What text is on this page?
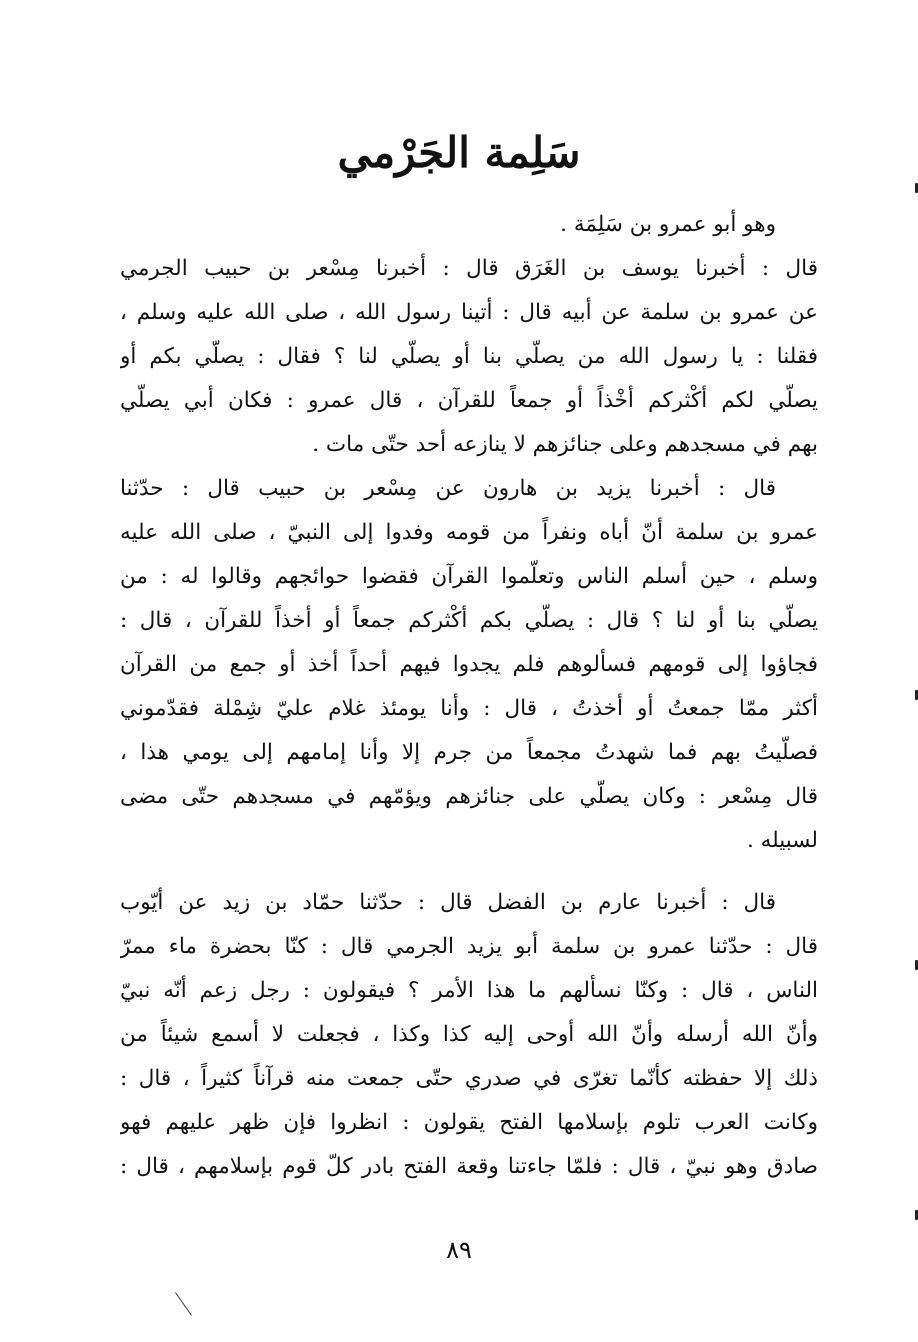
سَلِمة الجَرْمي
وهو أبو عمرو بن سَلِمَة .
قال : أخبرنا يوسف بن الغَرَق قال : أخبرنا مِسْعر بن حبيب الجرمي
عن عمرو بن سلمة عن أبيه قال : أتينا رسول الله ، صلى الله عليه وسلم ،
فقلنا : يا رسول الله من يصلّي بنا أو يصلّي لنا ؟ فقال : يصلّي بكم أو
يصلّي لكم أكْثركم أخْذاً أو جمعاً للقرآن ، قال عمرو : فكان أبي يصلّي
بهم في مسجدهم وعلى جنائزهم لا ينازعه أحد حتّى مات .
قال : أخبرنا يزيد بن هارون عن مِسْعر بن حبيب قال : حدّثنا
عمرو بن سلمة أنّ أباه ونفراً من قومه وفدوا إلى النبيّ ، صلى الله عليه
وسلم ، حين أسلم الناس وتعلّموا القرآن فقضوا حوائجهم وقالوا له : من
يصلّي بنا أو لنا ؟ قال : يصلّي بكم أكْثركم جمعاً أو أخذاً للقرآن ، قال :
فجاؤوا إلى قومهم فسألوهم فلم يجدوا فيهم أحداً أخذ أو جمع من القرآن
أكثر ممّا جمعتُ أو أخذتُ ، قال : وأنا يومئذ غلام عليّ شِمْلة فقدّموني
فصلّيتُ بهم فما شهدتُ مجمعاً من جرم إلا وأنا إمامهم إلى يومي هذا ،
قال مِسْعر : وكان يصلّي على جنائزهم ويؤمّهم في مسجدهم حتّى مضى
لسبيله .
قال : أخبرنا عارم بن الفضل قال : حدّثنا حمّاد بن زيد عن أيّوب
قال : حدّثنا عمرو بن سلمة أبو يزيد الجرمي قال : كنّا بحضرة ماء ممرّ
الناس ، قال : وكنّا نسألهم ما هذا الأمر ؟ فيقولون : رجل زعم أنّه نبيّ
وأنّ الله أرسله وأنّ الله أوحى إليه كذا وكذا ، فجعلت لا أسمع شيئاً من
ذلك إلا حفظته كأنّما تغرّى في صدري حتّى جمعت منه قرآناً كثيراً ، قال :
وكانت العرب تلوم بإسلامها الفتح يقولون : انظروا فإن ظهر عليهم فهو
صادق وهو نبيّ ، قال : فلمّا جاءتنا وقعة الفتح بادر كلّ قوم بإسلامهم ، قال :
٨٩
